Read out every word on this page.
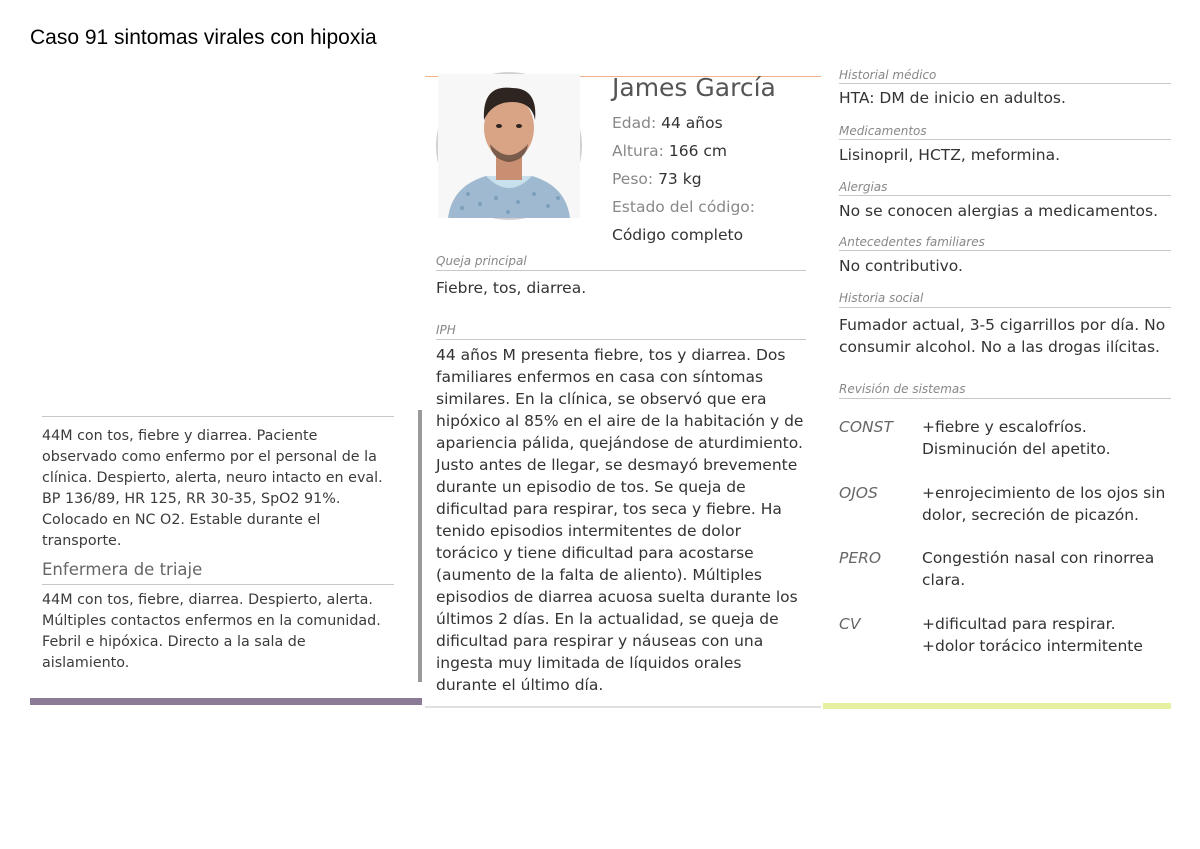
Caso 91 sintomas virales con hipoxia
44M con tos, fiebre y diarrea. Paciente observado como enfermo por el personal de la clínica. Despierto, alerta, neuro intacto en eval. BP 136/89, HR 125, RR 30-35, SpO2 91%. Colocado en NC O2. Estable durante el transporte.
Enfermera de triaje
44M con tos, fiebre, diarrea. Despierto, alerta. Múltiples contactos enfermos en la comunidad. Febril e hipóxica. Directo a la sala de aislamiento.
James García
Edad: 44 años
Altura: 166 cm
Peso: 73 kg
Estado del código:
Código completo
Queja principal
Fiebre, tos, diarrea.
IPH
44 años M presenta fiebre, tos y diarrea. Dos familiares enfermos en casa con síntomas similares. En la clínica, se observó que era hipóxico al 85% en el aire de la habitación y de apariencia pálida, quejándose de aturdimiento. Justo antes de llegar, se desmayó brevemente durante un episodio de tos. Se queja de dificultad para respirar, tos seca y fiebre. Ha tenido episodios intermitentes de dolor torácico y tiene dificultad para acostarse (aumento de la falta de aliento). Múltiples episodios de diarrea acuosa suelta durante los últimos 2 días. En la actualidad, se queja de dificultad para respirar y náuseas con una ingesta muy limitada de líquidos orales durante el último día.
Historial médico
HTA: DM de inicio en adultos.
Medicamentos
Lisinopril, HCTZ, meformina.
Alergias
No se conocen alergias a medicamentos.
Antecedentes familiares
No contributivo.
Historia social
Fumador actual, 3-5 cigarrillos por día. No consumir alcohol. No a las drogas ilícitas.
Revisión de sistemas
CONST	+fiebre y escalofríos. Disminución del apetito.
OJOS	+enrojecimiento de los ojos sin dolor, secreción de picazón.
PERO	Congestión nasal con rinorrea clara.
CV	+dificultad para respirar. +dolor torácico intermitente
